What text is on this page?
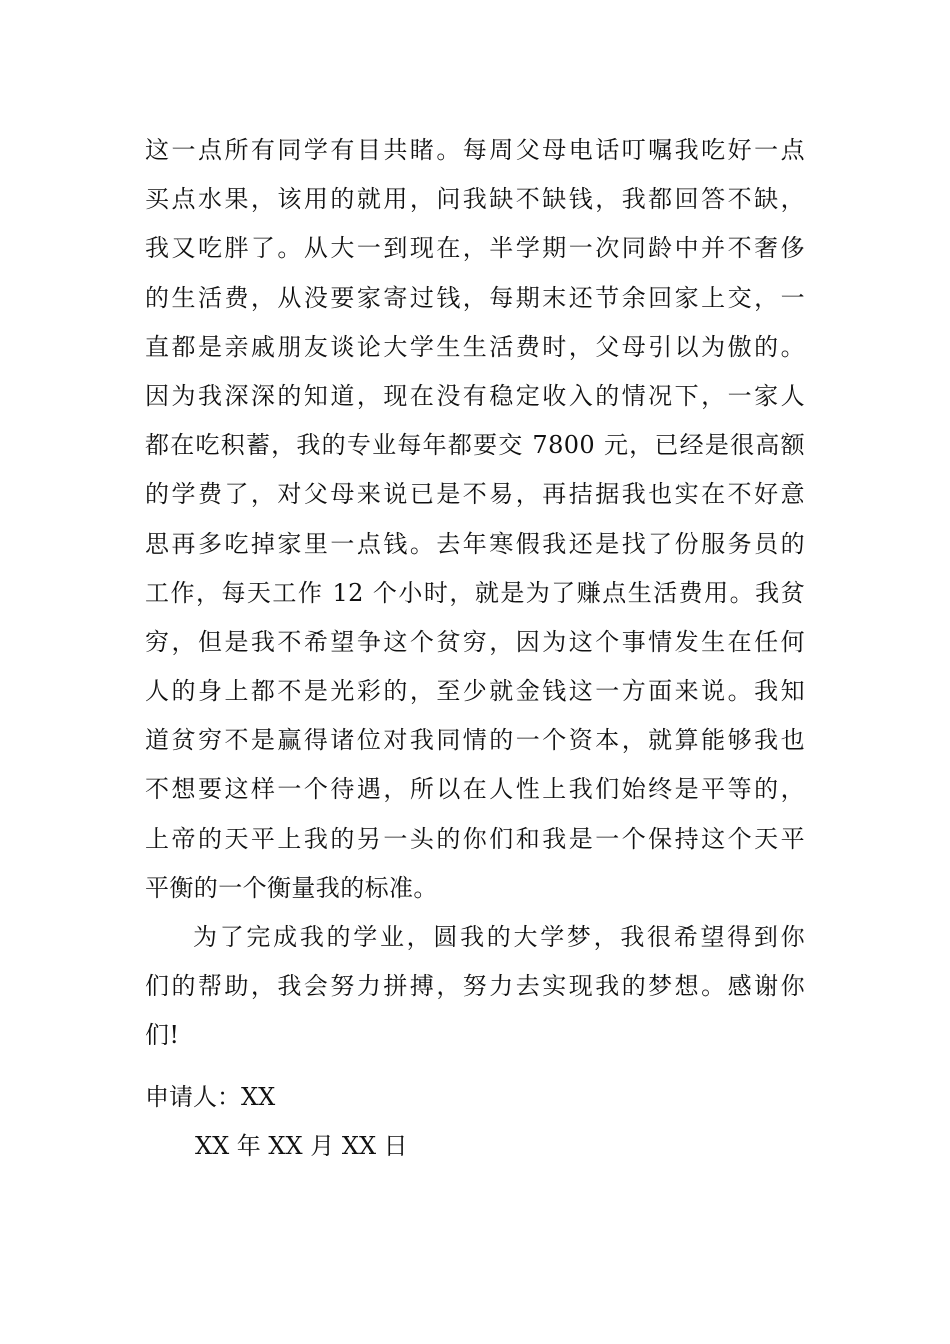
这一点所有同学有目共睹。每周父母电话叮嘱我吃好一点
买点水果，该用的就用，问我缺不缺钱，我都回答不缺，
我又吃胖了。从大一到现在，半学期一次同龄中并不奢侈
的生活费，从没要家寄过钱，每期末还节余回家上交，一
直都是亲戚朋友谈论大学生生活费时，父母引以为傲的。
因为我深深的知道，现在没有稳定收入的情况下，一家人
都在吃积蓄，我的专业每年都要交 7800 元，已经是很高额
的学费了，对父母来说已是不易，再拮据我也实在不好意
思再多吃掉家里一点钱。去年寒假我还是找了份服务员的
工作，每天工作 12 个小时，就是为了赚点生活费用。我贫
穷，但是我不希望争这个贫穷，因为这个事情发生在任何
人的身上都不是光彩的，至少就金钱这一方面来说。我知
道贫穷不是赢得诸位对我同情的一个资本，就算能够我也
不想要这样一个待遇，所以在人性上我们始终是平等的，
上帝的天平上我的另一头的你们和我是一个保持这个天平
平衡的一个衡量我的标准。
为了完成我的学业，圆我的大学梦，我很希望得到你
们的帮助，我会努力拼搏，努力去实现我的梦想。感谢你
们!
申请人：XX
XX 年 XX 月 XX 日
